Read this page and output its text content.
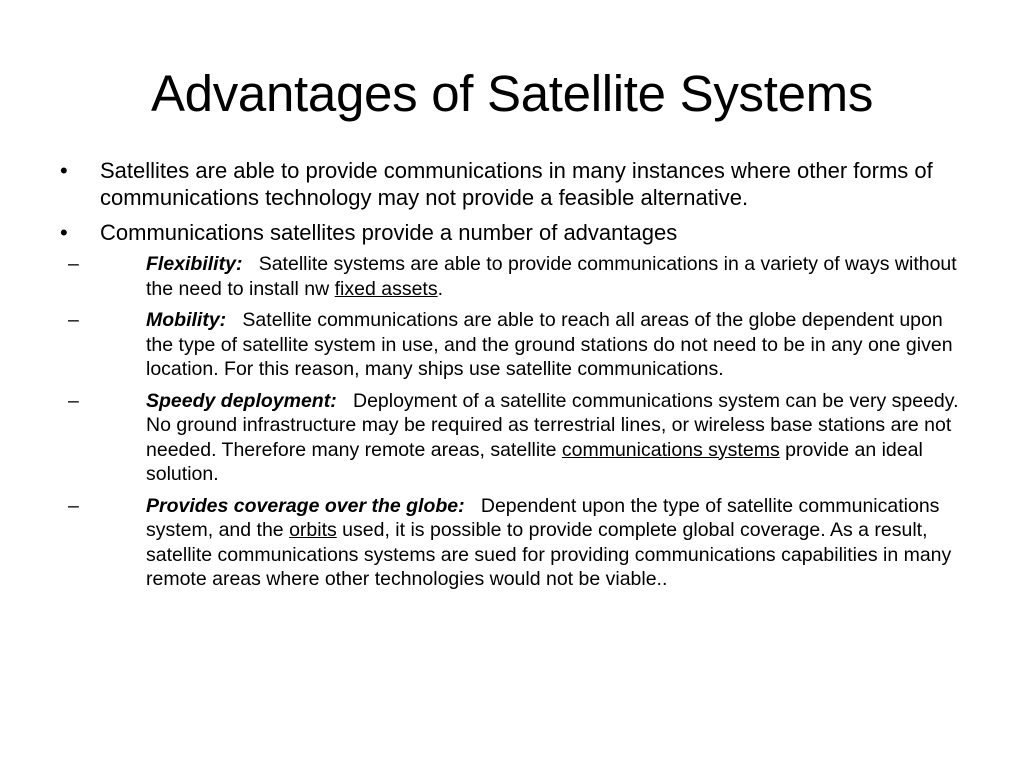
Advantages of Satellite Systems
• Satellites are able to provide communications in many instances where other forms of communications technology may not provide a feasible alternative.
• Communications satellites provide a number of advantages
–	Flexibility: Satellite systems are able to provide communications in a variety of ways without the need to install nw fixed assets.
–	Mobility: Satellite communications are able to reach all areas of the globe dependent upon the type of satellite system in use, and the ground stations do not need to be in any one given location. For this reason, many ships use satellite communications.
–	Speedy deployment: Deployment of a satellite communications system can be very speedy. No ground infrastructure may be required as terrestrial lines, or wireless base stations are not needed. Therefore many remote areas, satellite communications systems provide an ideal solution.
–	Provides coverage over the globe: Dependent upon the type of satellite communications system, and the orbits used, it is possible to provide complete global coverage. As a result, satellite communications systems are sued for providing communications capabilities in many remote areas where other technologies would not be viable..
